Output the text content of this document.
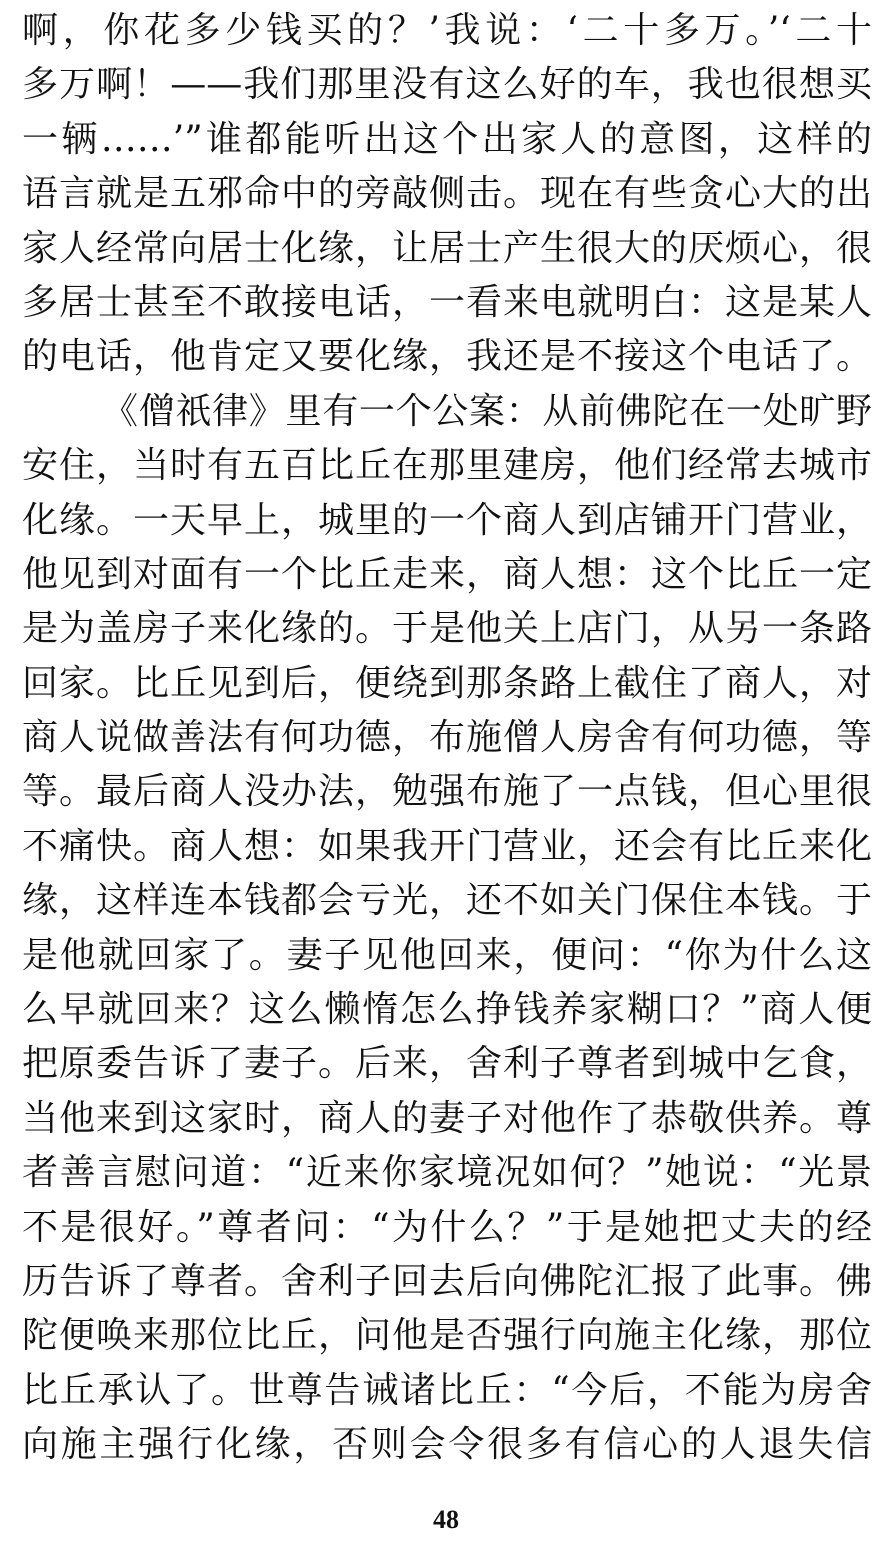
啊，你花多少钱买的？’我说：‘二十多万。’‘二十
多万啊！——我们那里没有这么好的车，我也很想买
一辆……’”谁都能听出这个出家人的意图，这样的
语言就是五邪命中的旁敲侧击。现在有些贪心大的出
家人经常向居士化缘，让居士产生很大的厌烦心，很
多居士甚至不敢接电话，一看来电就明白：这是某人
的电话，他肯定又要化缘，我还是不接这个电话了。
《僧祇律》里有一个公案：从前佛陀在一处旷野
安住，当时有五百比丘在那里建房，他们经常去城市
化缘。一天早上，城里的一个商人到店铺开门营业，
他见到对面有一个比丘走来，商人想：这个比丘一定
是为盖房子来化缘的。于是他关上店门，从另一条路
回家。比丘见到后，便绕到那条路上截住了商人，对
商人说做善法有何功德，布施僧人房舍有何功德，等
等。最后商人没办法，勉强布施了一点钱，但心里很
不痛快。商人想：如果我开门营业，还会有比丘来化
缘，这样连本钱都会亏光，还不如关门保住本钱。于
是他就回家了。妻子见他回来，便问：“你为什么这
么早就回来？这么懒惰怎么挣钱养家糊口？”商人便
把原委告诉了妻子。后来，舍利子尊者到城中乞食，
当他来到这家时，商人的妻子对他作了恭敬供养。尊
者善言慰问道：“近来你家境况如何？”她说：“光景
不是很好。”尊者问：“为什么？”于是她把丈夫的经
历告诉了尊者。舍利子回去后向佛陀汇报了此事。佛
陀便唤来那位比丘，问他是否强行向施主化缘，那位
比丘承认了。世尊告诫诸比丘：“今后，不能为房舍
向施主强行化缘，否则会令很多有信心的人退失信
48
